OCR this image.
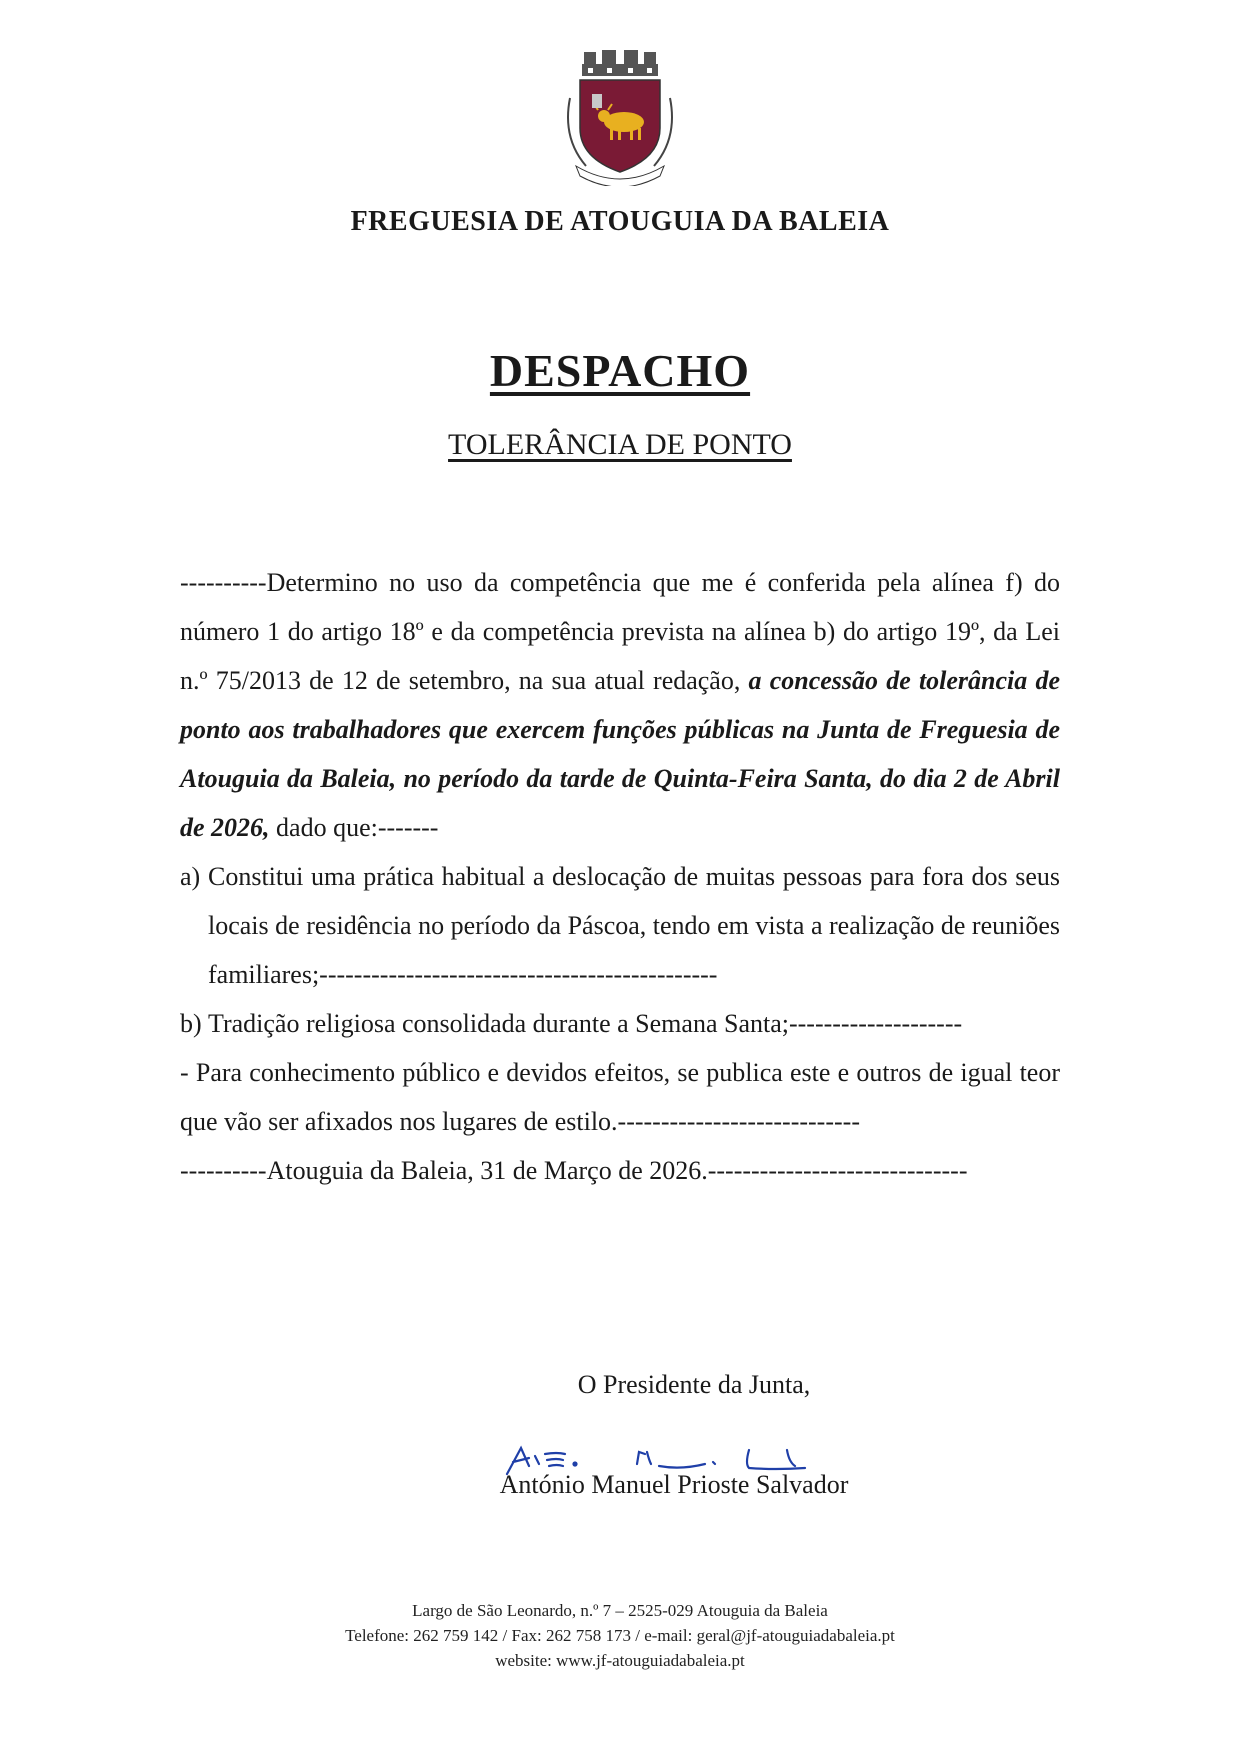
FREGUESIA DE ATOUGUIA DA BALEIA
DESPACHO
TOLERÂNCIA DE PONTO

----------Determino no uso da competência que me é conferida pela alínea f) do número 1 do artigo 18º e da competência prevista na alínea b) do artigo 19º, da Lei n.º 75/2013 de 12 de setembro, na sua atual redação, a concessão de tolerância de ponto aos trabalhadores que exercem funções públicas na Junta de Freguesia de Atouguia da Baleia, no período da tarde de Quinta-Feira Santa, do dia 2 de Abril de 2026, dado que:-------

a) Constitui uma prática habitual a deslocação de muitas pessoas para fora dos seus locais de residência no período da Páscoa, tendo em vista a realização de reuniões familiares;----------------------------------------------
b) Tradição religiosa consolidada durante a Semana Santa;--------------------

- Para conhecimento público e devidos efeitos, se publica este e outros de igual teor que vão ser afixados nos lugares de estilo.----------------------------

----------Atouguia da Baleia, 31 de Março de 2026.------------------------------

O Presidente da Junta,
António Manuel Prioste Salvador
Largo de São Leonardo, n.º 7 – 2525-029 Atouguia da Baleia
Telefone: 262 759 142 / Fax: 262 758 173 / e-mail: geral@jf-atouguiadabaleia.pt
website: www.jf-atouguiadabaleia.pt
